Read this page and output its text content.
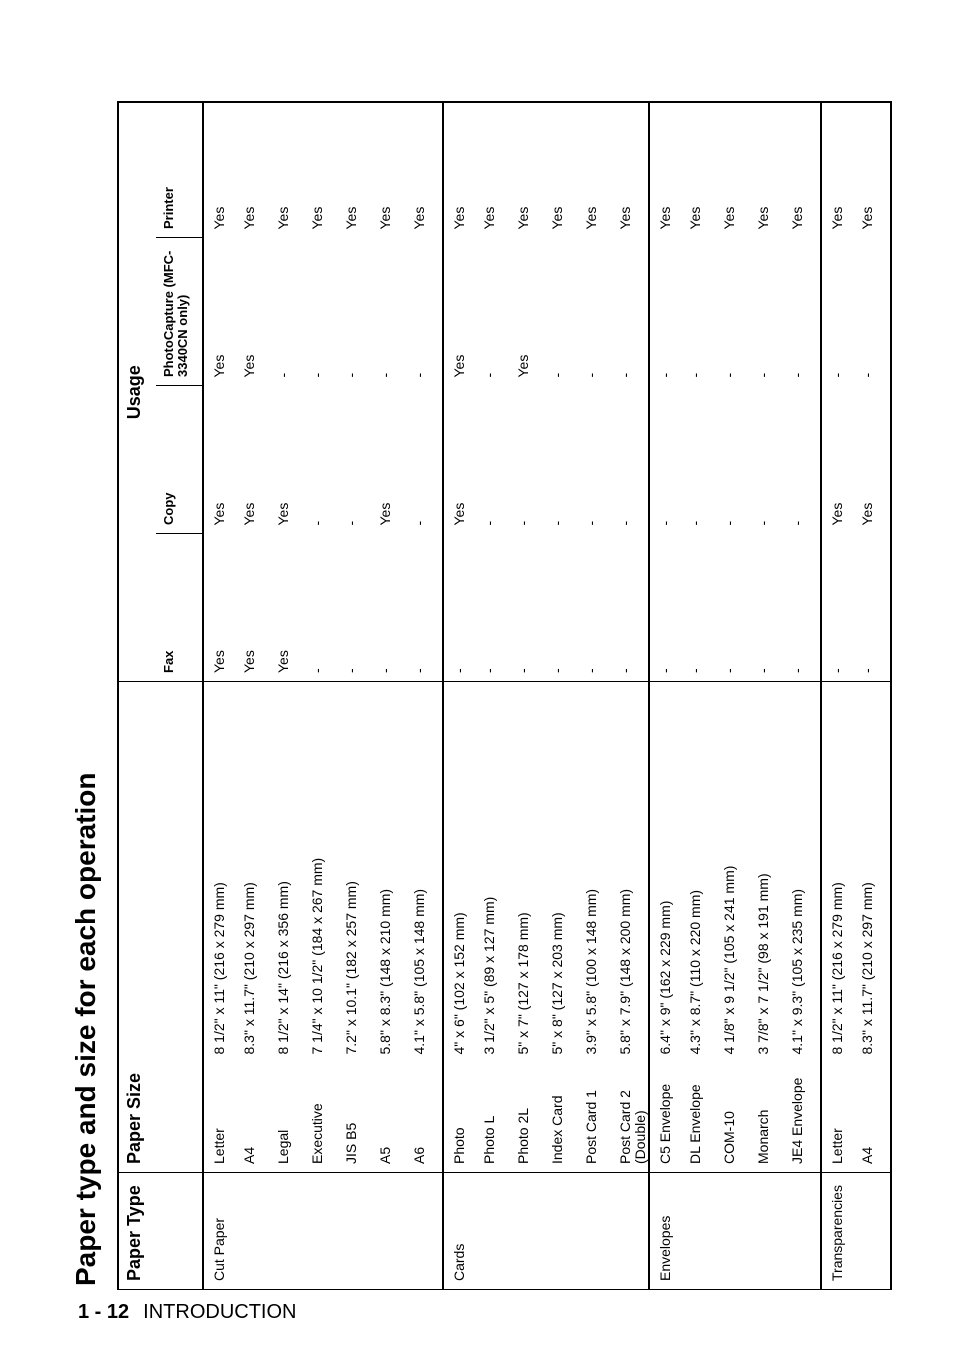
Paper type and size for each operation Paper Type	Paper Size		Usage			
			Fax	Copy	PhotoCapture (MFC-3340CN only)	Printer
Cut Paper	Letter	8 1/2" x 11" (216 x 279 mm)	Yes	Yes	Yes	Yes
	A4	8.3" x 11.7" (210 x 297 mm)	Yes	Yes	Yes	Yes
	Legal	8 1/2" x 14" (216 x 356 mm)	Yes	Yes	-	Yes
	Executive	7 1/4" x 10 1/2" (184 x 267 mm)	-	-	-	Yes
	JIS B5	7.2" x 10.1" (182 x 257 mm)	-	-	-	Yes
	A5	5.8" x 8.3" (148 x 210 mm)	-	Yes	-	Yes
	A6	4.1" x 5.8" (105 x 148 mm)	-	-	-	Yes
Cards	Photo	4" x 6" (102 x 152 mm)	-	Yes	Yes	Yes
	Photo L	3 1/2" x 5" (89 x 127 mm)	-	-	-	Yes
	Photo 2L	5" x 7" (127 x 178 mm)	-	-	Yes	Yes
	Index Card	5" x 8" (127 x 203 mm)	-	-	-	Yes
	Post Card 1	3.9" x 5.8" (100 x 148 mm)	-	-	-	Yes
	Post Card 2 (Double)	5.8" x 7.9" (148 x 200 mm)	-	-	-	Yes
Envelopes	C5 Envelope	6.4" x 9" (162 x 229 mm)	-	-	-	Yes
	DL Envelope	4.3" x 8.7" (110 x 220 mm)	-	-	-	Yes
	COM-10	4 1/8" x 9 1/2" (105 x 241 mm)	-	-	-	Yes
	Monarch	3 7/8" x 7 1/2" (98 x 191 mm)	-	-	-	Yes
	JE4 Envelope	4.1" x 9.3" (105 x 235 mm)	-	-	-	Yes
Transparencies	Letter	8 1/2" x 11" (216 x 279 mm)	-	Yes	-	Yes
	A4	8.3" x 11.7" (210 x 297 mm)	-	Yes	-	Yes
1 - 12 INTRODUCTION
